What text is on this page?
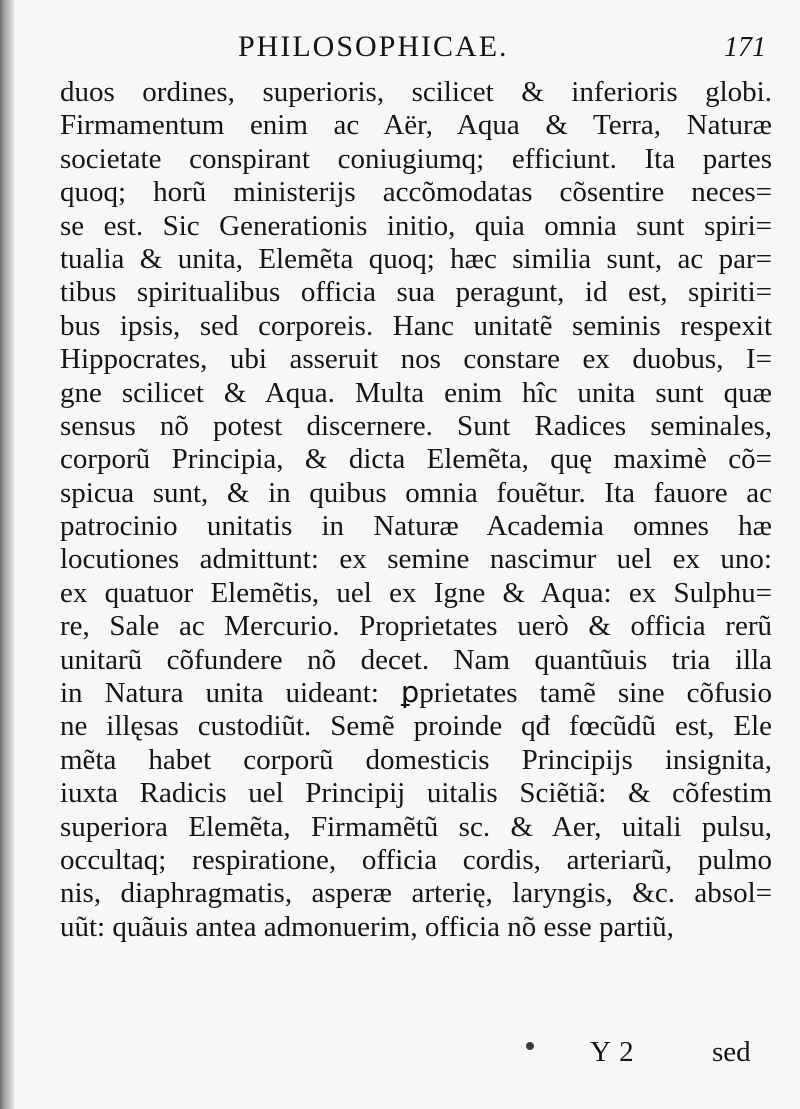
PHILOSOPHICAE.	171
duos ordines, superioris, scilicet & inferioris globi.
Firmamentum enim ac Aër, Aqua & Terra, Naturæ
societate conspirant coniugiumq; efficiunt. Ita partes
quoq; horũ ministerijs accõmodatas cõsentire neces=
se est. Sic Generationis initio, quia omnia sunt spiri=
tualia & unita, Elemẽta quoq; hæc similia sunt, ac par=
tibus spiritualibus officia sua peragunt, id est, spiriti=
bus ipsis, sed corporeis. Hanc unitatẽ seminis respexit
Hippocrates, ubi asseruit nos constare ex duobus, I=
gne scilicet & Aqua. Multa enim hîc unita sunt quæ
sensus nõ potest discernere. Sunt Radices seminales,
corporũ Principia, & dicta Elemẽta, quę maximè cõ=
spicua sunt, & in quibus omnia fouẽtur. Ita fauore ac
patrocinio unitatis in Naturæ Academia omnes hæ
locutiones admittunt: ex semine nascimur uel ex uno:
ex quatuor Elemẽtis, uel ex Igne & Aqua: ex Sulphu=
re, Sale ac Mercurio. Proprietates uerò & officia rerũ
unitarũ cõfundere nõ decet. Nam quantũuis tria illa
in Natura unita uideant: ꝑprietates tamẽ sine cõfusio
ne illęsas custodiũt. Semẽ proinde qđ fœcũdũ est, Ele
mẽta habet corporũ domesticis Principijs insignita,
iuxta Radicis uel Principij uitalis Sciẽtiã: & cõfestim
superiora Elemẽta, Firmamẽtũ sc. & Aer, uitali pulsu,
occultaq; respiratione, officia cordis, arteriarũ, pulmo
nis, diaphragmatis, asperæ arterię, laryngis, &c. absol=
uũt: quãuis antea admonuerim, officia nõ esse partiũ,
Y 2	sed
